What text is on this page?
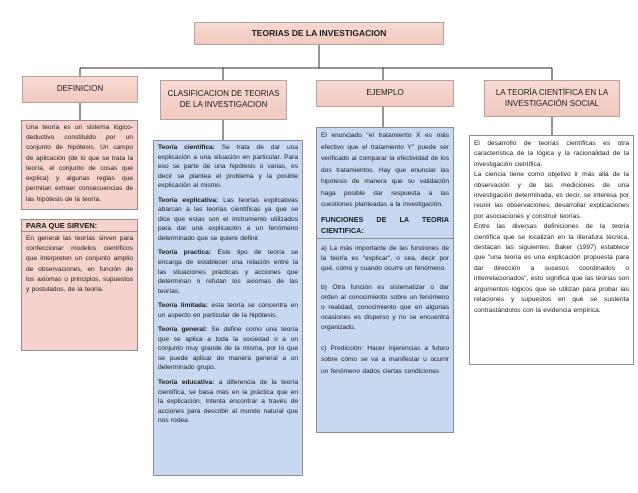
TEORIAS DE LA INVESTIGACION
DEFINICION
Una teoría es un sistema lógico-deductivo constituido por un conjunto de hipótesis. Un campo de aplicación (de lo que se trata la teoría, el conjunto de cosas que explica) y algunas reglas que permitan extraer consecuencias de las hipótesis de la teoría.
PARA QUE SIRVEN:
En general las teorías sirven para confeccionar modelos científicos que interpreten un conjunto amplio de observaciones, en función de los axiomas o principios, supuestos y postulados, de la teoría.
CLASIFICACION DE TEORIAS DE LA INVESTIGACION

Teoría científica: Se trata de dar una explicación a una situación en particular. Para eso se parte de una hipótesis o varias, es decir se plantea el problema y la posible explicación al mismo.

Teoría explicativa: Las teorías explicativas abarcan a las teorías científicas ya que se dice que estas son el instrumento utilizados para dar una explicación a un fenómeno determinado que se quiere definir.

Teoría practica: Este tipo de teoría se encarga de establecer una relación entre la las situaciones prácticas y acciones que determinan o refutan los axiomas de las teorías.

Teoría limitada: esta teoría se concentra en un aspecto en particular de la hipótesis.

Teoría general: Se define como una teoría que se aplica a toda la sociedad o a un conjunto muy grande de la misma, por lo que se puede aplicar de manera general a un determinado grupo.

Teoría educativa: a diferencia de la teoría científica, se basa más en la práctica que en la explicación. Intenta encontrar a través de acciones para describir al mundo natural que nos rodea.

EJEMPLO
El enunciado "el tratamiento X es más efectivo que el tratamiento Y" puede ser verificado al comparar la efectividad de los dos tratamientos. Hay que enunciar las hipótesis de manera que su validación haga posible dar respuesta a las cuestiones planteadas a la investigación.
FUNCIONES DE LA TEORIA CIENTIFICA:
a) La más importante de las funciones de la teoría es "explicar", o sea, decir por qué, cómo y cuando ocurre un fenómeno.
b) Otra función es sistematizar o dar orden al conocimiento sobre un fenómeno o realidad, conocimiento que en algunas ocasiones es disperso y no se encuentra organizado.
c) Predicción: Hacer injerencias a futuro sobre cómo se va a manifestar u ocurrir un fenómeno dados ciertas condiciones
LA TEORÍA CIENTÍFICA EN LA INVESTIGACIÓN SOCIAL
El desarrollo de teorías científicas es otra característica de la lógica y la racionalidad de la investigación científica.
La ciencia tiene como objetivo ir más allá de la observación y de las mediciones de una investigación determinada, es decir, se interesa por reunir las observaciones, desarrollar explicaciones por asociaciones y construir teorías.
Entre las diversas definiciones de la teoría científica que se localizan en la literatura técnica, destacan las siguientes: Baker (1997) establece que "una teoría es una explicación propuesta para dar dirección a sucesos coordinados o interrelacionados", esto significa que las teorías son argumentos lógicos que se utilizan para probar las relaciones y supuestos en que se sustenta contrastándolos con la evidencia empírica.
